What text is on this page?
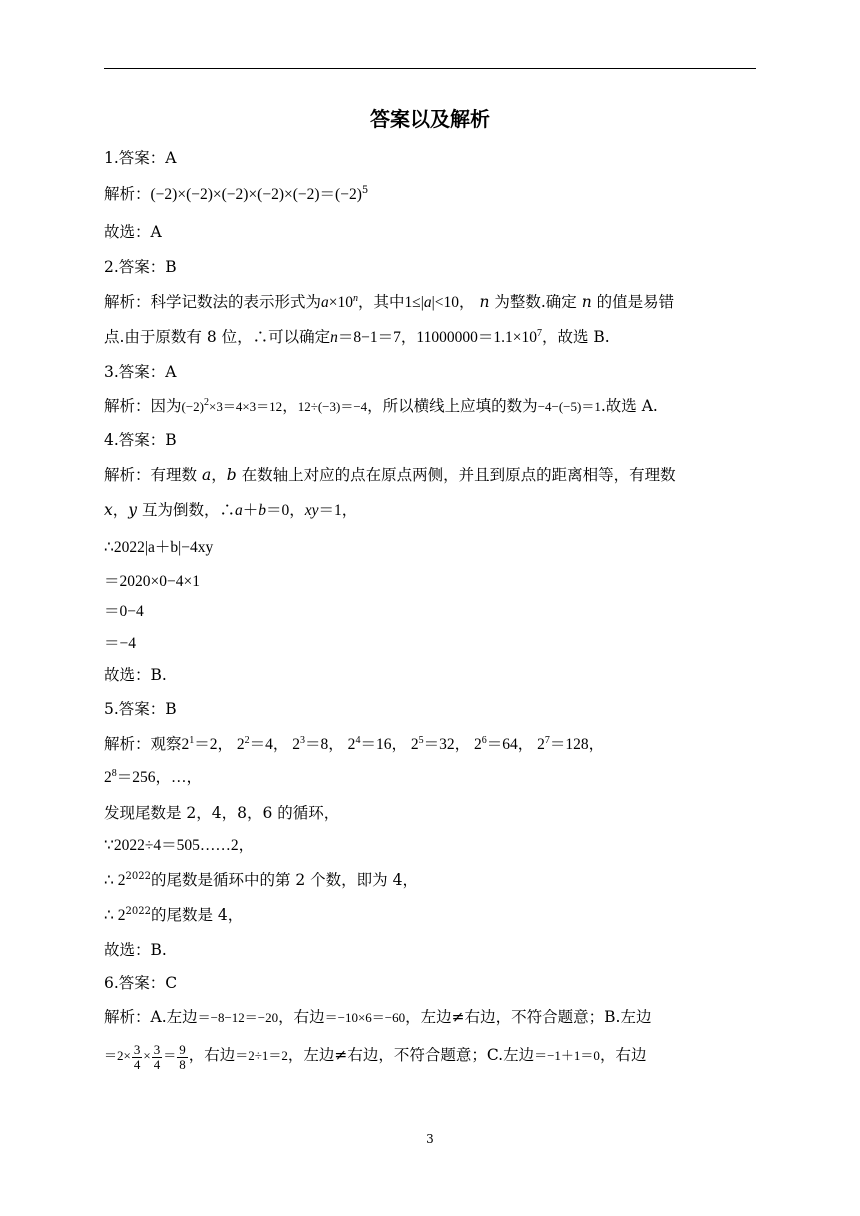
答案以及解析
1.答案：A
解析：$(-2)\times(-2)\times(-2)\times(-2)\times(-2)=(-2)^5$
故选：A
2.答案：B
解析：科学记数法的表示形式为$a\times 10^n$，其中1≤|a|<10， n 为整数.确定 n 的值是易错
点.由于原数有 8 位，∴可以确定n＝8−1＝7，$11000000=1.1\times 10^7$，故选 B.
3.答案：A
解析：因为$(-2)^2\times 3=4\times 3=12$，12÷(−3)＝−4，所以横线上应填的数为−4−(−5)＝1.故选 A.
4.答案：B
解析：有理数 a，b 在数轴上对应的点在原点两侧，并且到原点的距离相等，有理数
x，y 互为倒数，∴a＋b＝0，xy＝1，
∴2022|a＋b|−4xy
＝2020×0−4×1
＝0−4
＝−4
故选：B.
5.答案：B
解析：观察$2^1=2$， $2^2=4$， $2^3=8$， $2^4=16$， $2^5=32$， $2^6=64$， $2^7=128$，
$2^8=256$，…，
发现尾数是 2，4，8，6 的循环，
∵2022÷4＝505……2，
∴ $2^{2022}$的尾数是循环中的第 2 个数，即为 4，
∴ $2^{2022}$的尾数是 4，
故选：B.
6.答案：C
解析：A.左边＝−8−12＝−20，右边＝−10×6＝−60，左边≠右边，不符合题意；B.左边
$=2\times \frac{3}{4} \times \frac{3}{4} = \frac{9}{8}$ ，右边＝2÷1＝2，左边≠右边，不符合题意；C.左边＝−1＋1＝0，右边
3
